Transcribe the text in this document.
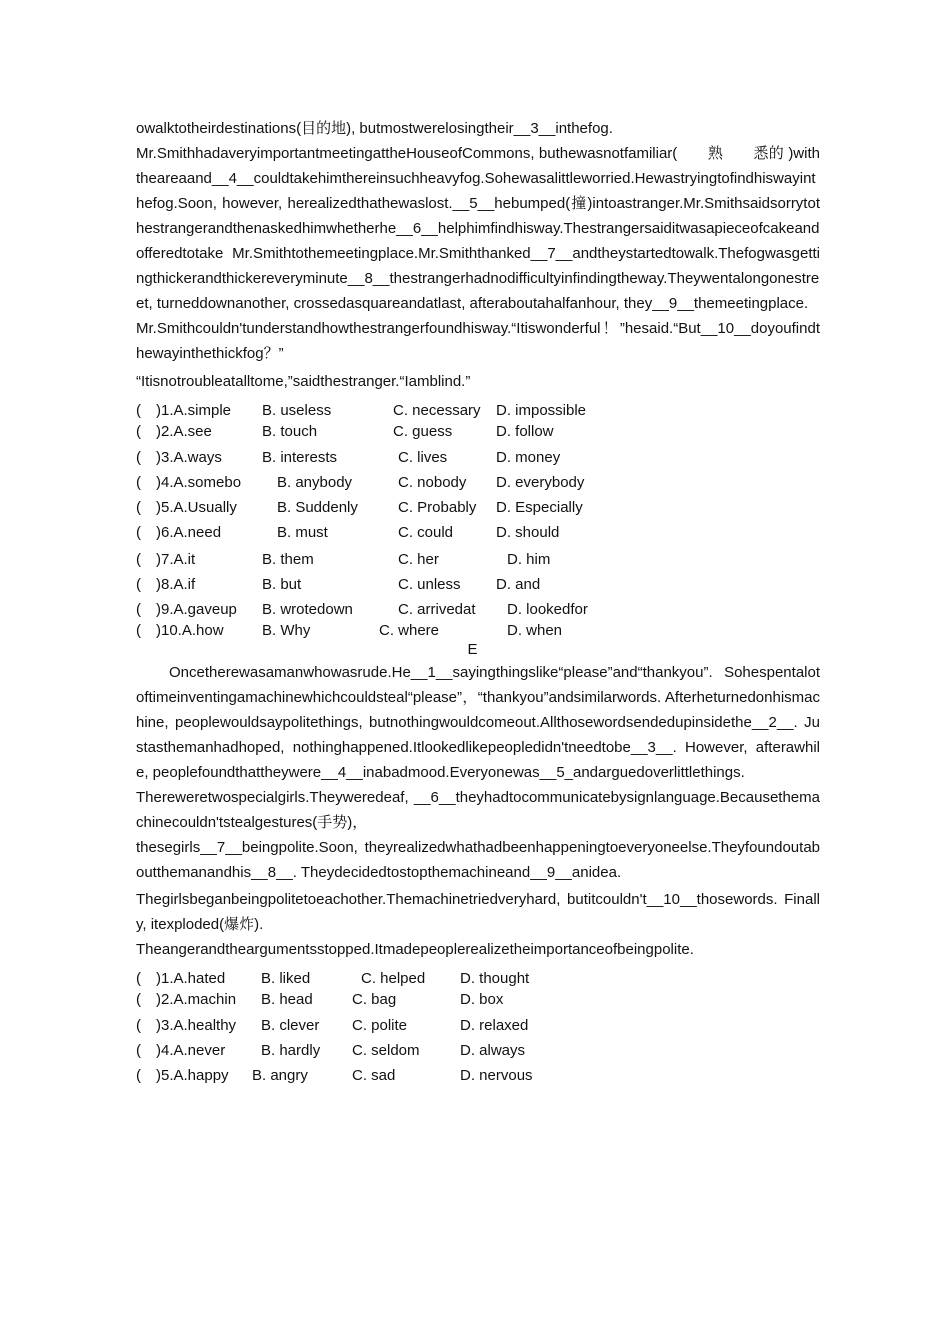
owalktotheirdestinations(目的地), butmostwerelosingtheir__3__inthefog.

Mr.SmithhadaveryimportantmeetingattheHouseofCommons, buthewasnotfamiliar(　　熟　　悉的 )withtheareaand__4__couldtakehimthereinsuchheavyfog.Sohewasalittleworried.Hewastryingtofindhiswayinthefog.Soon, however, herealizedthathewaslost.__5__hebumped(撞)intoastranger.Mr.Smithsaidsorrytothestrangerandthenaskedhimwhetherhe__6__helphimfindhisway.Thestrangersaiditwasapieceofcakeandofferedtotake Mr.Smithtothemeetingplace.Mr.Smiththanked__7__andtheystartedtowalk.Thefogwasgettingthickerandthickereveryminute__8__thestrangerhadnodifficultyinfindingtheway.Theywentalongonestreet, turneddownanother, crossedasquareandatlast, afteraboutahalfanhour, they__9__themeetingplace.

Mr.Smithcouldn'tunderstandhowthestrangerfoundhisway.“Itiswonderful！”hesaid.“But__10__doyoufindthewayinthethickfog？”

“Itisnotroubleatalltome,”saidthestranger.“Iamblind.”

( )1.A.simple B. useless	C. necessary D. impossible
( )2.A.see	B. touch	C. guess	D. follow
( )3.A.ways	B. interests	C. lives	D. money
( )4.A.somebo B. anybody	C. nobody D. everybody
( )5.A.Usually	B. Suddenly	C. Probably D. Especially
( )6.A.need	B. must	C. could	D. should
( )7.A.it	B. them	C. her	D. him
( )8.A.if	B. but	C. unless D. and
( )9.A.gaveup B. wrotedown	C. arrivedat D. lookedfor
( )10.A.how	B. Why	C. where	D. when
E

Oncetherewasamanwhowasrude.He__1__sayingthingslike“please”and“thankyou”. Sohespentalotoftimeinventingamachinewhichcouldsteal“please”，“thankyou”andsimilarwords. Afterheturnedonhismachine, peoplewouldsaypolitethings, butnothingwouldcomeout.Allthosewordsendedupinsidethe__2__. Justasthemanhadhoped, nothinghappened.Itlookedlikepeopledidn'tneedtobe__3__. However, afterawhile, peoplefoundthattheywere__4__inabadmood.Everyonewas__5_andarguedoverlittlethings.

Thereweretwospecialgirls.Theyweredeaf, __6__theyhadtocommunicatebysignlanguage.Becausethemachinecouldn'tstealgestures(手势)，

thesegirls__7__beingpolite.Soon, theyrealizedwhathadbeenhappeningtoeveryoneelse.Theyfoundoutaboutthemanandhis__8__. Theydecidedtostopthemachineand__9__anidea.

Thegirlsbeganbeingpolitetoeachother.Themachinetriedveryhard, butitcouldn't__10__thosewords. Finally, itexploded(爆炸).

Theangerandtheargumentsstopped.Itmadepeoplerealizetheimportanceofbeingpolite.

( )1.A.hated B. liked	C. helped D. thought
( )2.A.machin B. head	C. bag	D. box
( )3.A.healthy B. clever C. polite	D. relaxed
( )4.A.never B. hardly C. seldom	D. always
( )5.A.happy B. angry	C. sad	D. nervous
